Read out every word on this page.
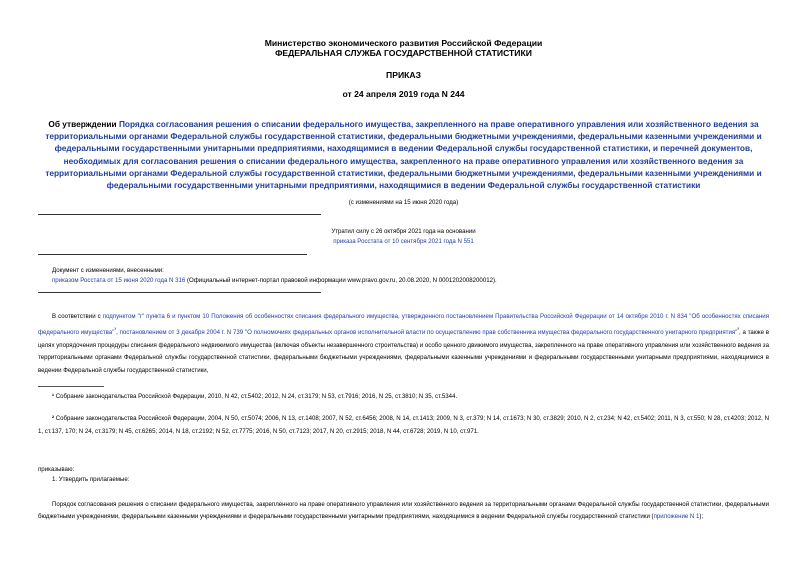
Министерство экономического развития Российской Федерации
ФЕДЕРАЛЬНАЯ СЛУЖБА ГОСУДАРСТВЕННОЙ СТАТИСТИКИ
ПРИКАЗ
от 24 апреля 2019 года N 244
Об утверждении Порядка согласования решения о списании федерального имущества, закрепленного на праве оперативного управления или хозяйственного ведения за территориальными органами Федеральной службы государственной статистики, федеральными бюджетными учреждениями, федеральными казенными учреждениями и федеральными государственными унитарными предприятиями, находящимися в ведении Федеральной службы государственной статистики, и перечней документов, необходимых для согласования решения о списании федерального имущества, закрепленного на праве оперативного управления или хозяйственного ведения за территориальными органами Федеральной службы государственной статистики, федеральными бюджетными учреждениями, федеральными казенными учреждениями и федеральными государственными унитарными предприятиями, находящимися в ведении Федеральной службы государственной статистики
(с изменениями на 15 июня 2020 года)
Утратил силу с 26 октября 2021 года на основании
приказа Росстата от 10 сентября 2021 года N 551
Документ с изменениями, внесенными:
приказом Росстата от 15 июня 2020 года N 316 (Официальный интернет-портал правовой информации www.pravo.gov.ru, 20.08.2020, N 0001202008200012).
В соответствии с подпунктом "г" пункта 6 и пунктом 10 Положения об особенностях списания федерального имущества, утвержденного постановлением Правительства Российской Федерации от 14 октября 2010 г. N 834 "Об особенностях списания федерального имущества"$^{^1}$, постановлением от 3 декабря 2004 г. N 739 "О полномочиях федеральных органов исполнительной власти по осуществлению прав собственника имущества федерального государственного унитарного предприятия"$^{^2}$, а также в целях упорядочения процедуры списания федерального недвижимого имущества (включая объекты незавершенного строительства) и особо ценного движимого имущества, закрепленного на праве оперативного управления или хозяйственного ведения за территориальными органами Федеральной службы государственной статистики, федеральными бюджетными учреждениями, федеральными казенными учреждениями и федеральными государственными унитарными предприятиями, находящимися в ведении Федеральной службы государственной статистики,
¹ Собрание законодательства Российской Федерации, 2010, N 42, ст.5402; 2012, N 24, ст.3179; N 53, ст.7916; 2016, N 25, ст.3810; N 35, ст.5344.
² Собрание законодательства Российской Федерации, 2004, N 50, ст.5074; 2006, N 13, ст.1408; 2007, N 52, ст.6456; 2008, N 14, ст.1413; 2009, N 3, ст.379; N 14, ст.1673; N 30, ст.3829; 2010, N 2, ст.234; N 42, ст.5402; 2011, N 3, ст.550; N 28, ст.4203; 2012, N 1, ст.137, 170; N 24, ст.3179; N 45, ст.6265; 2014, N 18, ст.2192; N 52, ст.7775; 2016, N 50, ст.7123; 2017, N 20, ст.2915; 2018, N 44, ст.6728; 2019, N 10, ст.971.
приказываю:
1. Утвердить прилагаемые:
Порядок согласования решения о списании федерального имущества, закрепленного на праве оперативного управления или хозяйственного ведения за территориальными органами Федеральной службы государственной статистики, федеральными бюджетными учреждениями, федеральными казенными учреждениями и федеральными государственными унитарными предприятиями, находящимися в ведении Федеральной службы государственной статистики (приложение N 1);
